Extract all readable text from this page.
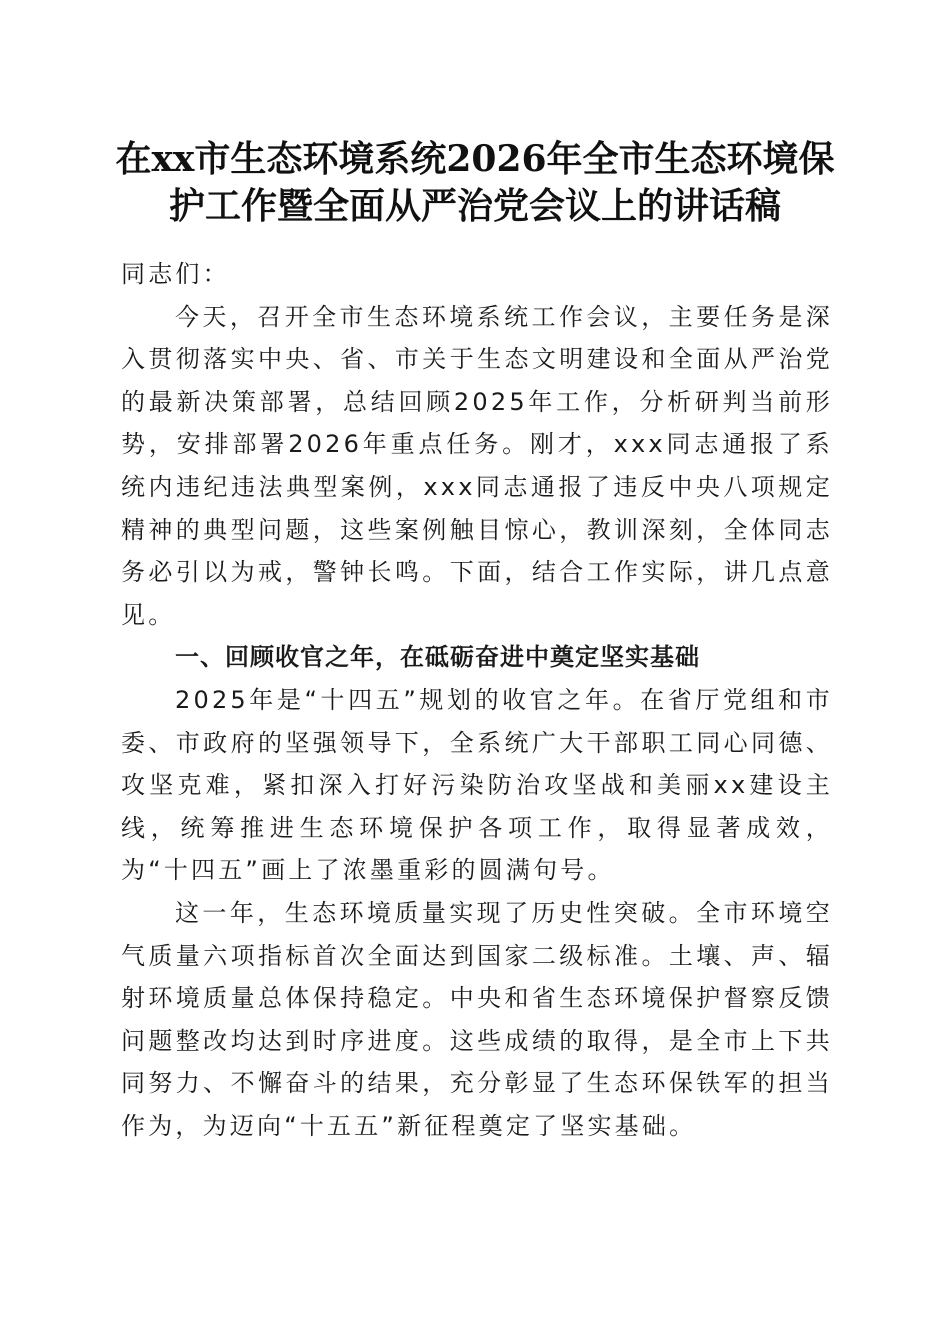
在xx市生态环境系统2026年全市生态环境保
护工作暨全面从严治党会议上的讲话稿

同志们：

今天，召开全市生态环境系统工作会议，主要任务是深入贯彻落实中央、省、市关于生态文明建设和全面从严治党的最新决策部署，总结回顾2025年工作，分析研判当前形势，安排部署2026年重点任务。刚才，xxx同志通报了系统内违纪违法典型案例，xxx同志通报了违反中央八项规定精神的典型问题，这些案例触目惊心，教训深刻，全体同志务必引以为戒，警钟长鸣。下面，结合工作实际，讲几点意见。

一、回顾收官之年，在砥砺奋进中奠定坚实基础

2025年是“十四五”规划的收官之年。在省厅党组和市委、市政府的坚强领导下，全系统广大干部职工同心同德、攻坚克难，紧扣深入打好污染防治攻坚战和美丽xx建设主线，统筹推进生态环境保护各项工作，取得显著成效，为“十四五”画上了浓墨重彩的圆满句号。

这一年，生态环境质量实现了历史性突破。全市环境空气质量六项指标首次全面达到国家二级标准。土壤、声、辐射环境质量总体保持稳定。中央和省生态环境保护督察反馈问题整改均达到时序进度。这些成绩的取得，是全市上下共同努力、不懈奋斗的结果，充分彰显了生态环保铁军的担当作为，为迈向“十五五”新征程奠定了坚实基础。
